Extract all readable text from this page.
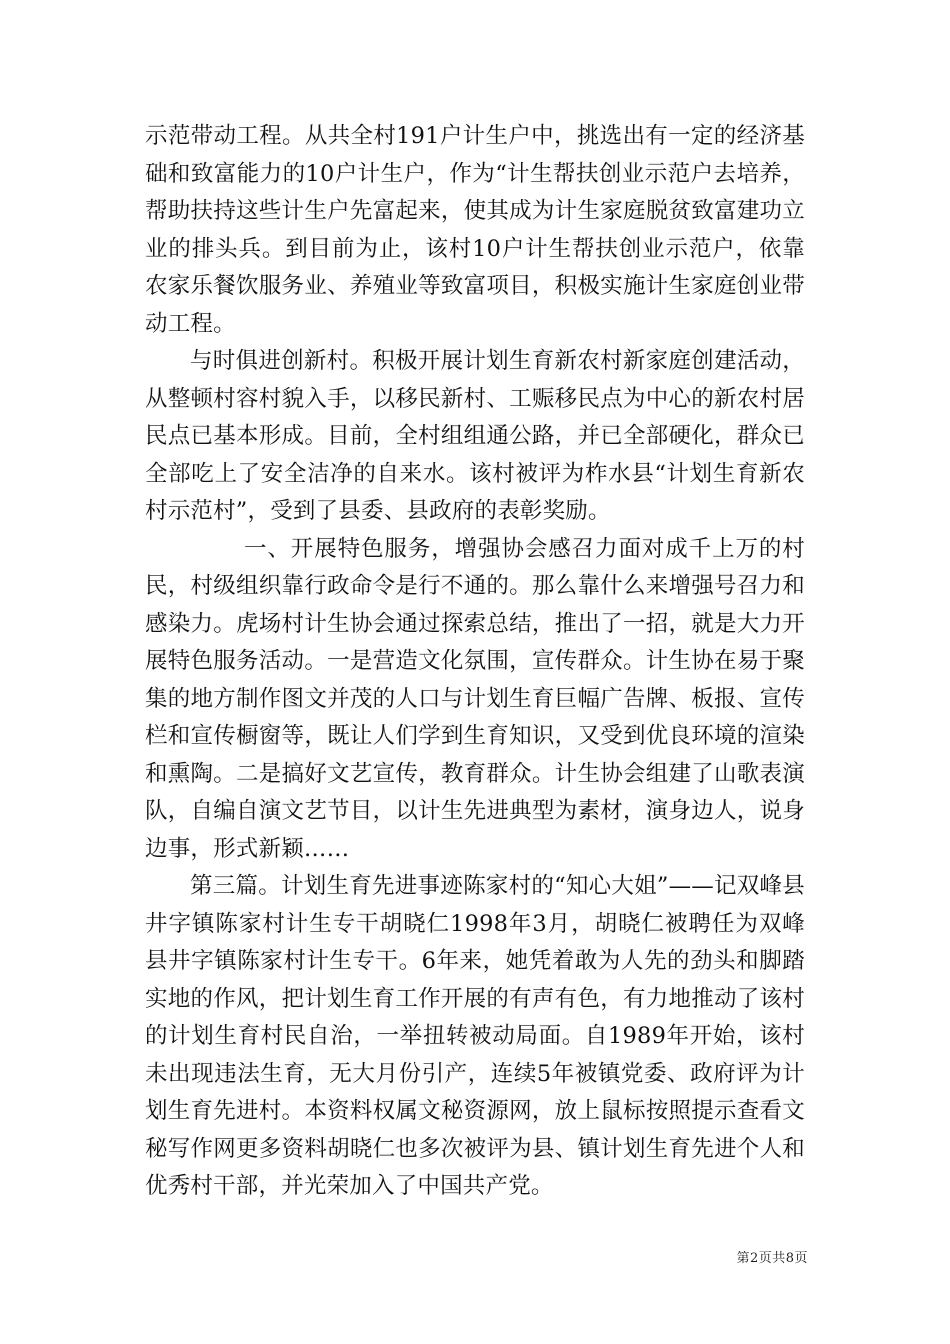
示范带动工程。从共全村191户计生户中，挑选出有一定的经济基础和致富能力的10户计生户，作为“计生帮扶创业示范户去培养，帮助扶持这些计生户先富起来，使其成为计生家庭脱贫致富建功立业的排头兵。到目前为止，该村10户计生帮扶创业示范户，依靠农家乐餐饮服务业、养殖业等致富项目，积极实施计生家庭创业带动工程。

与时俱进创新村。积极开展计划生育新农村新家庭创建活动，从整顿村容村貌入手，以移民新村、工赈移民点为中心的新农村居民点已基本形成。目前，全村组组通公路，并已全部硬化，群众已全部吃上了安全洁净的自来水。该村被评为柞水县“计划生育新农村示范村”，受到了县委、县政府的表彰奖励。

一、开展特色服务，增强协会感召力面对成千上万的村民，村级组织靠行政命令是行不通的。那么靠什么来增强号召力和感染力。虎场村计生协会通过探索总结，推出了一招，就是大力开展特色服务活动。一是营造文化氛围，宣传群众。计生协在易于聚集的地方制作图文并茂的人口与计划生育巨幅广告牌、板报、宣传栏和宣传橱窗等，既让人们学到生育知识，又受到优良环境的渲染和熏陶。二是搞好文艺宣传，教育群众。计生协会组建了山歌表演队，自编自演文艺节目，以计生先进典型为素材，演身边人，说身边事，形式新颖……

第三篇。计划生育先进事迹陈家村的“知心大姐”——记双峰县井字镇陈家村计生专干胡晓仁1998年3月，胡晓仁被聘任为双峰县井字镇陈家村计生专干。6年来，她凭着敢为人先的劲头和脚踏实地的作风，把计划生育工作开展的有声有色，有力地推动了该村的计划生育村民自治，一举扭转被动局面。自1989年开始，该村未出现违法生育，无大月份引产，连续5年被镇党委、政府评为计划生育先进村。本资料权属文秘资源网，放上鼠标按照提示查看文秘写作网更多资料胡晓仁也多次被评为县、镇计划生育先进个人和优秀村干部，并光荣加入了中国共产党。

第2页共8页
